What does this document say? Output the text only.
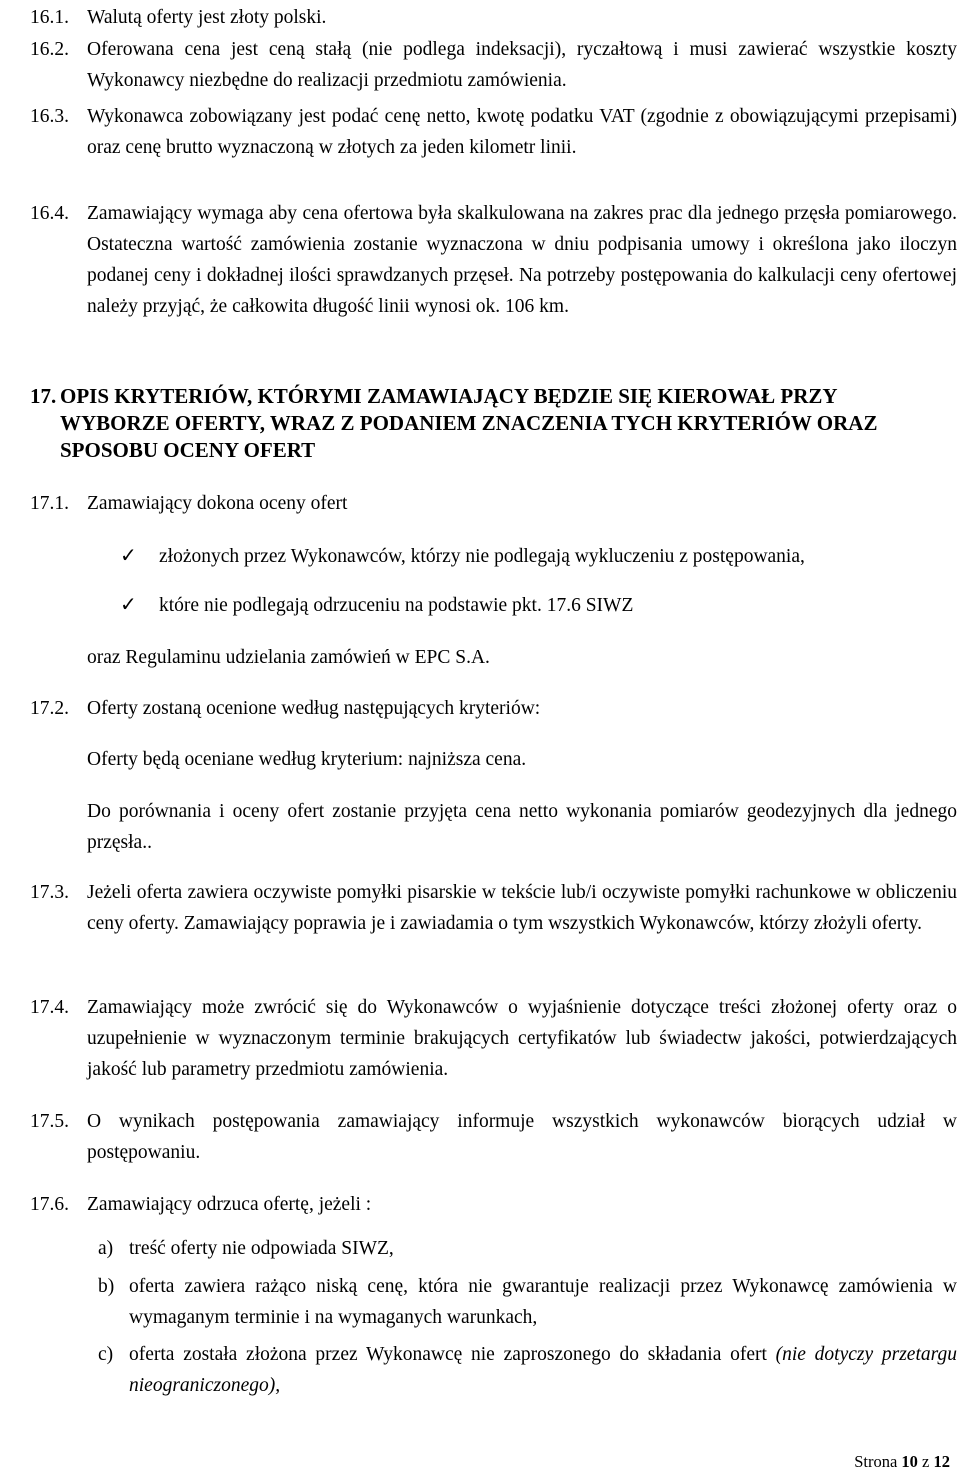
16.1. Walutą oferty jest złoty polski.
16.2. Oferowana cena jest ceną stałą (nie podlega indeksacji), ryczałtową i musi zawierać wszystkie koszty Wykonawcy niezbędne do realizacji przedmiotu zamówienia.
16.3. Wykonawca zobowiązany jest podać cenę netto, kwotę podatku VAT (zgodnie z obowiązującymi przepisami) oraz cenę brutto wyznaczoną w złotych za jeden kilometr linii.
16.4. Zamawiający wymaga aby cena ofertowa była skalkulowana na zakres prac dla jednego przęsła pomiarowego. Ostateczna wartość zamówienia zostanie wyznaczona w dniu podpisania umowy i określona jako iloczyn podanej ceny i dokładnej ilości sprawdzanych przęseł. Na potrzeby postępowania do kalkulacji ceny ofertowej należy przyjąć, że całkowita długość linii wynosi ok. 106 km.
17. OPIS KRYTERIÓW, KTÓRYMI ZAMAWIAJĄCY BĘDZIE SIĘ KIEROWAŁ PRZY WYBORZE OFERTY, WRAZ Z PODANIEM ZNACZENIA TYCH KRYTERIÓW ORAZ SPOSOBU OCENY OFERT
17.1. Zamawiający dokona oceny ofert
✓ złożonych przez Wykonawców, którzy nie podlegają wykluczeniu z postępowania,
✓ które nie podlegają odrzuceniu na podstawie pkt. 17.6 SIWZ
oraz Regulaminu udzielania zamówień w EPC S.A.
17.2. Oferty zostaną ocenione według następujących kryteriów:
Oferty będą oceniane według kryterium: najniższa cena.
Do porównania i oceny ofert zostanie przyjęta cena netto wykonania pomiarów geodezyjnych dla jednego przęsła..
17.3. Jeżeli oferta zawiera oczywiste pomyłki pisarskie w tekście lub/i oczywiste pomyłki rachunkowe w obliczeniu ceny oferty. Zamawiający poprawia je i zawiadamia o tym wszystkich Wykonawców, którzy złożyli oferty.
17.4. Zamawiający może zwrócić się do Wykonawców o wyjaśnienie dotyczące treści złożonej oferty oraz o uzupełnienie w wyznaczonym terminie brakujących certyfikatów lub świadectw jakości, potwierdzających jakość lub parametry przedmiotu zamówienia.
17.5. O wynikach postępowania zamawiający informuje wszystkich wykonawców biorących udział w postępowaniu.
17.6. Zamawiający odrzuca ofertę, jeżeli :
a) treść oferty nie odpowiada SIWZ,
b) oferta zawiera rażąco niską cenę, która nie gwarantuje realizacji przez Wykonawcę zamówienia w wymaganym terminie i na wymaganych warunkach,
c) oferta została złożona przez Wykonawcę nie zaproszonego do składania ofert (nie dotyczy przetargu nieograniczonego),
Strona 10 z 12
